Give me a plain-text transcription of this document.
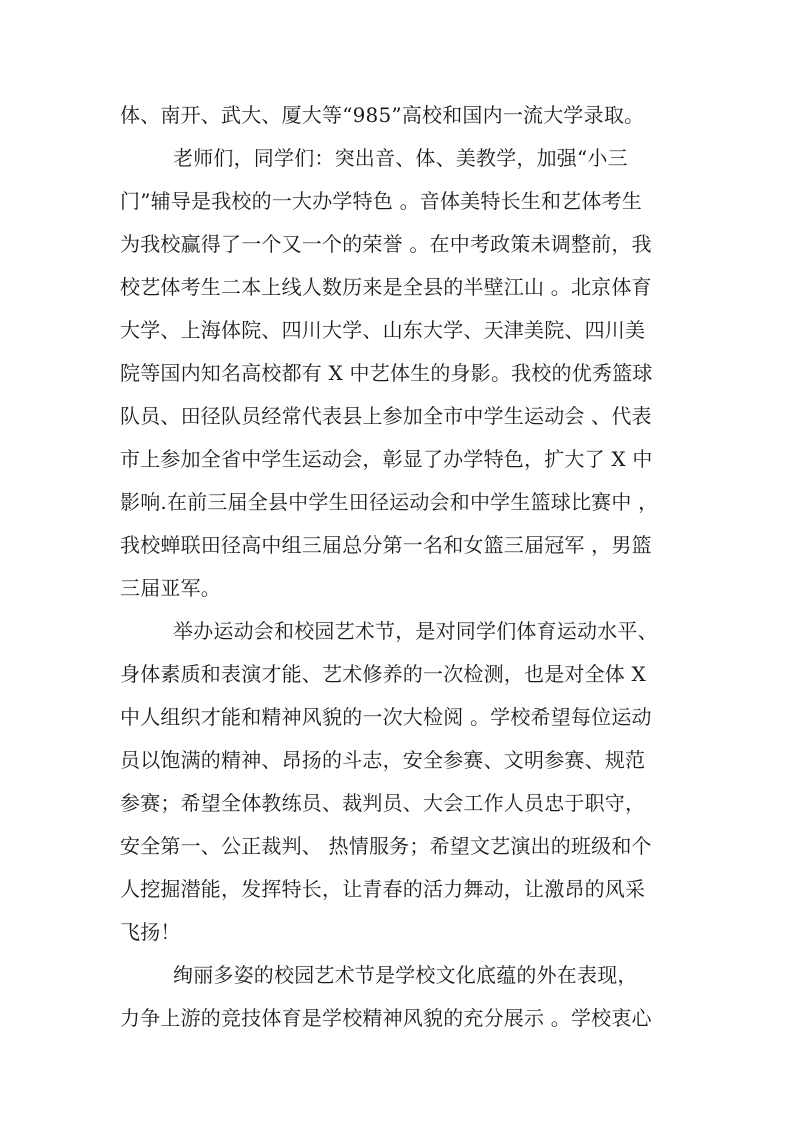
体、南开、武大、厦大等“985”高校和国内一流大学录取。
老师们，同学们：突出音、体、美教学，加强“小三
门”辅导是我校的一大办学特色 。音体美特长生和艺体考生
为我校赢得了一个又一个的荣誉 。在中考政策未调整前，我
校艺体考生二本上线人数历来是全县的半壁江山 。北京体育
大学、上海体院、四川大学、山东大学、天津美院、四川美
院等国内知名高校都有 X 中艺体生的身影。我校的优秀篮球
队员、田径队员经常代表县上参加全市中学生运动会 、代表
市上参加全省中学生运动会，彰显了办学特色，扩大了 X 中
影响.在前三届全县中学生田径运动会和中学生篮球比赛中 ，
我校蝉联田径高中组三届总分第一名和女篮三届冠军 ，男篮
三届亚军。
举办运动会和校园艺术节，是对同学们体育运动水平、
身体素质和表演才能、艺术修养的一次检测，也是对全体 X
中人组织才能和精神风貌的一次大检阅 。学校希望每位运动
员以饱满的精神、昂扬的斗志，安全参赛、文明参赛、规范
参赛；希望全体教练员、裁判员、大会工作人员忠于职守，
安全第一、公正裁判、 热情服务；希望文艺演出的班级和个
人挖掘潜能，发挥特长，让青春的活力舞动，让激昂的风采
飞扬！
绚丽多姿的校园艺术节是学校文化底蕴的外在表现，
力争上游的竞技体育是学校精神风貌的充分展示 。学校衷心
